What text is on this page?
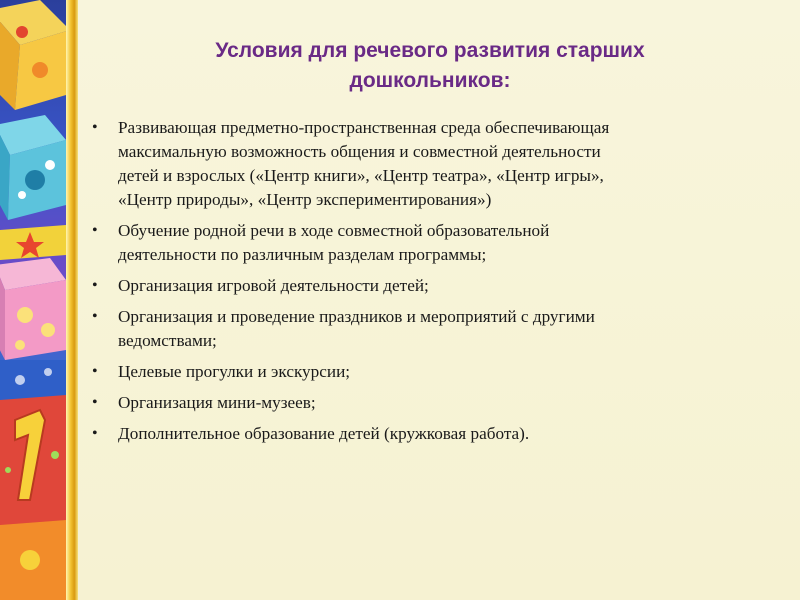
Условия для речевого развития старших
дошкольников:
• Развивающая предметно-пространственная среда обеспечивающая
максимальную возможность общения и совместной деятельности
детей и взрослых («Центр книги», «Центр театра», «Центр игры»,
«Центр природы», «Центр экспериментирования»)
• Обучение родной речи в ходе совместной образовательной
деятельности по различным разделам программы;
• Организация игровой деятельности детей;
• Организация и проведение праздников и мероприятий с другими
ведомствами;
• Целевые прогулки и экскурсии;
• Организация мини-музеев;
• Дополнительное образование детей (кружковая работа).
